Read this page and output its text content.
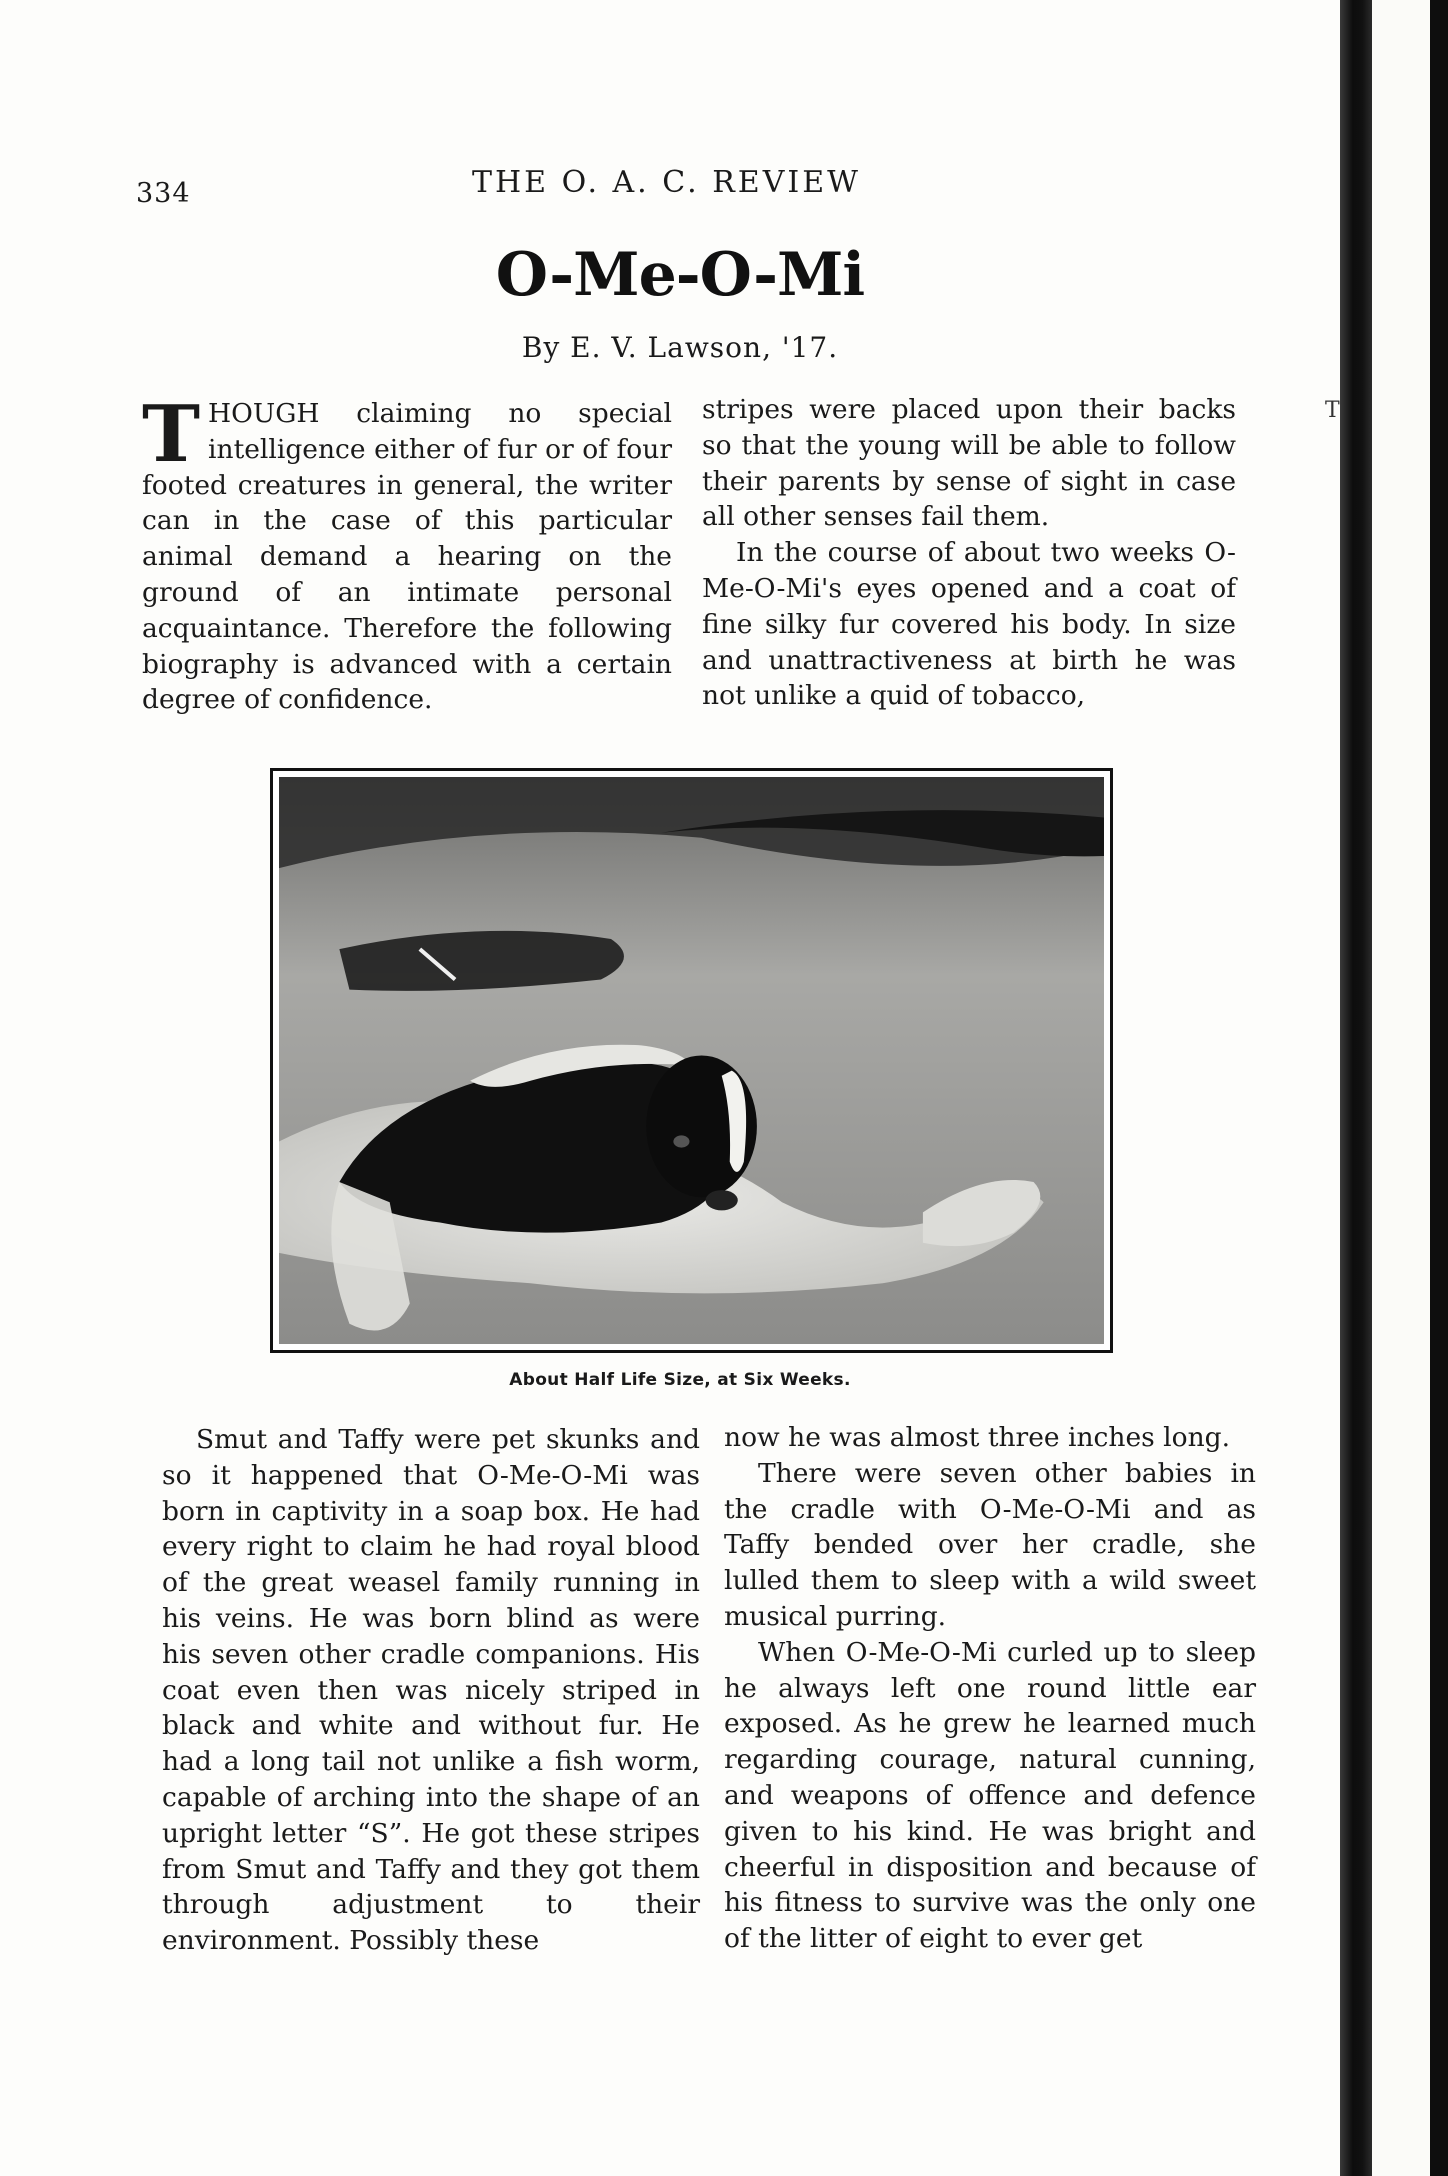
T
334	THE O. A. C. REVIEW
O-Me-O-Mi
By E. V. Lawson, '17.

THOUGH claiming no special intelligence either of fur or of four footed creatures in general, the writer can in the case of this particular animal demand a hearing on the ground of an intimate personal acquaintance. Therefore the following biography is advanced with a certain degree of confidence.

stripes were placed upon their backs so that the young will be able to follow their parents by sense of sight in case all other senses fail them.

In the course of about two weeks O-Me-O-Mi's eyes opened and a coat of fine silky fur covered his body. In size and unattractiveness at birth he was not unlike a quid of tobacco,

About Half Life Size, at Six Weeks.

Smut and Taffy were pet skunks and so it happened that O-Me-O-Mi was born in captivity in a soap box. He had every right to claim he had royal blood of the great weasel family running in his veins. He was born blind as were his seven other cradle companions. His coat even then was nicely striped in black and white and without fur. He had a long tail not unlike a fish worm, capable of arching into the shape of an upright letter “S”. He got these stripes from Smut and Taffy and they got them through adjustment to their environment. Possibly these

now he was almost three inches long.

There were seven other babies in the cradle with O-Me-O-Mi and as Taffy bended over her cradle, she lulled them to sleep with a wild sweet musical purring.

When O-Me-O-Mi curled up to sleep he always left one round little ear exposed. As he grew he learned much regarding courage, natural cunning, and weapons of offence and defence given to his kind. He was bright and cheerful in disposition and because of his fitness to survive was the only one of the litter of eight to ever get
